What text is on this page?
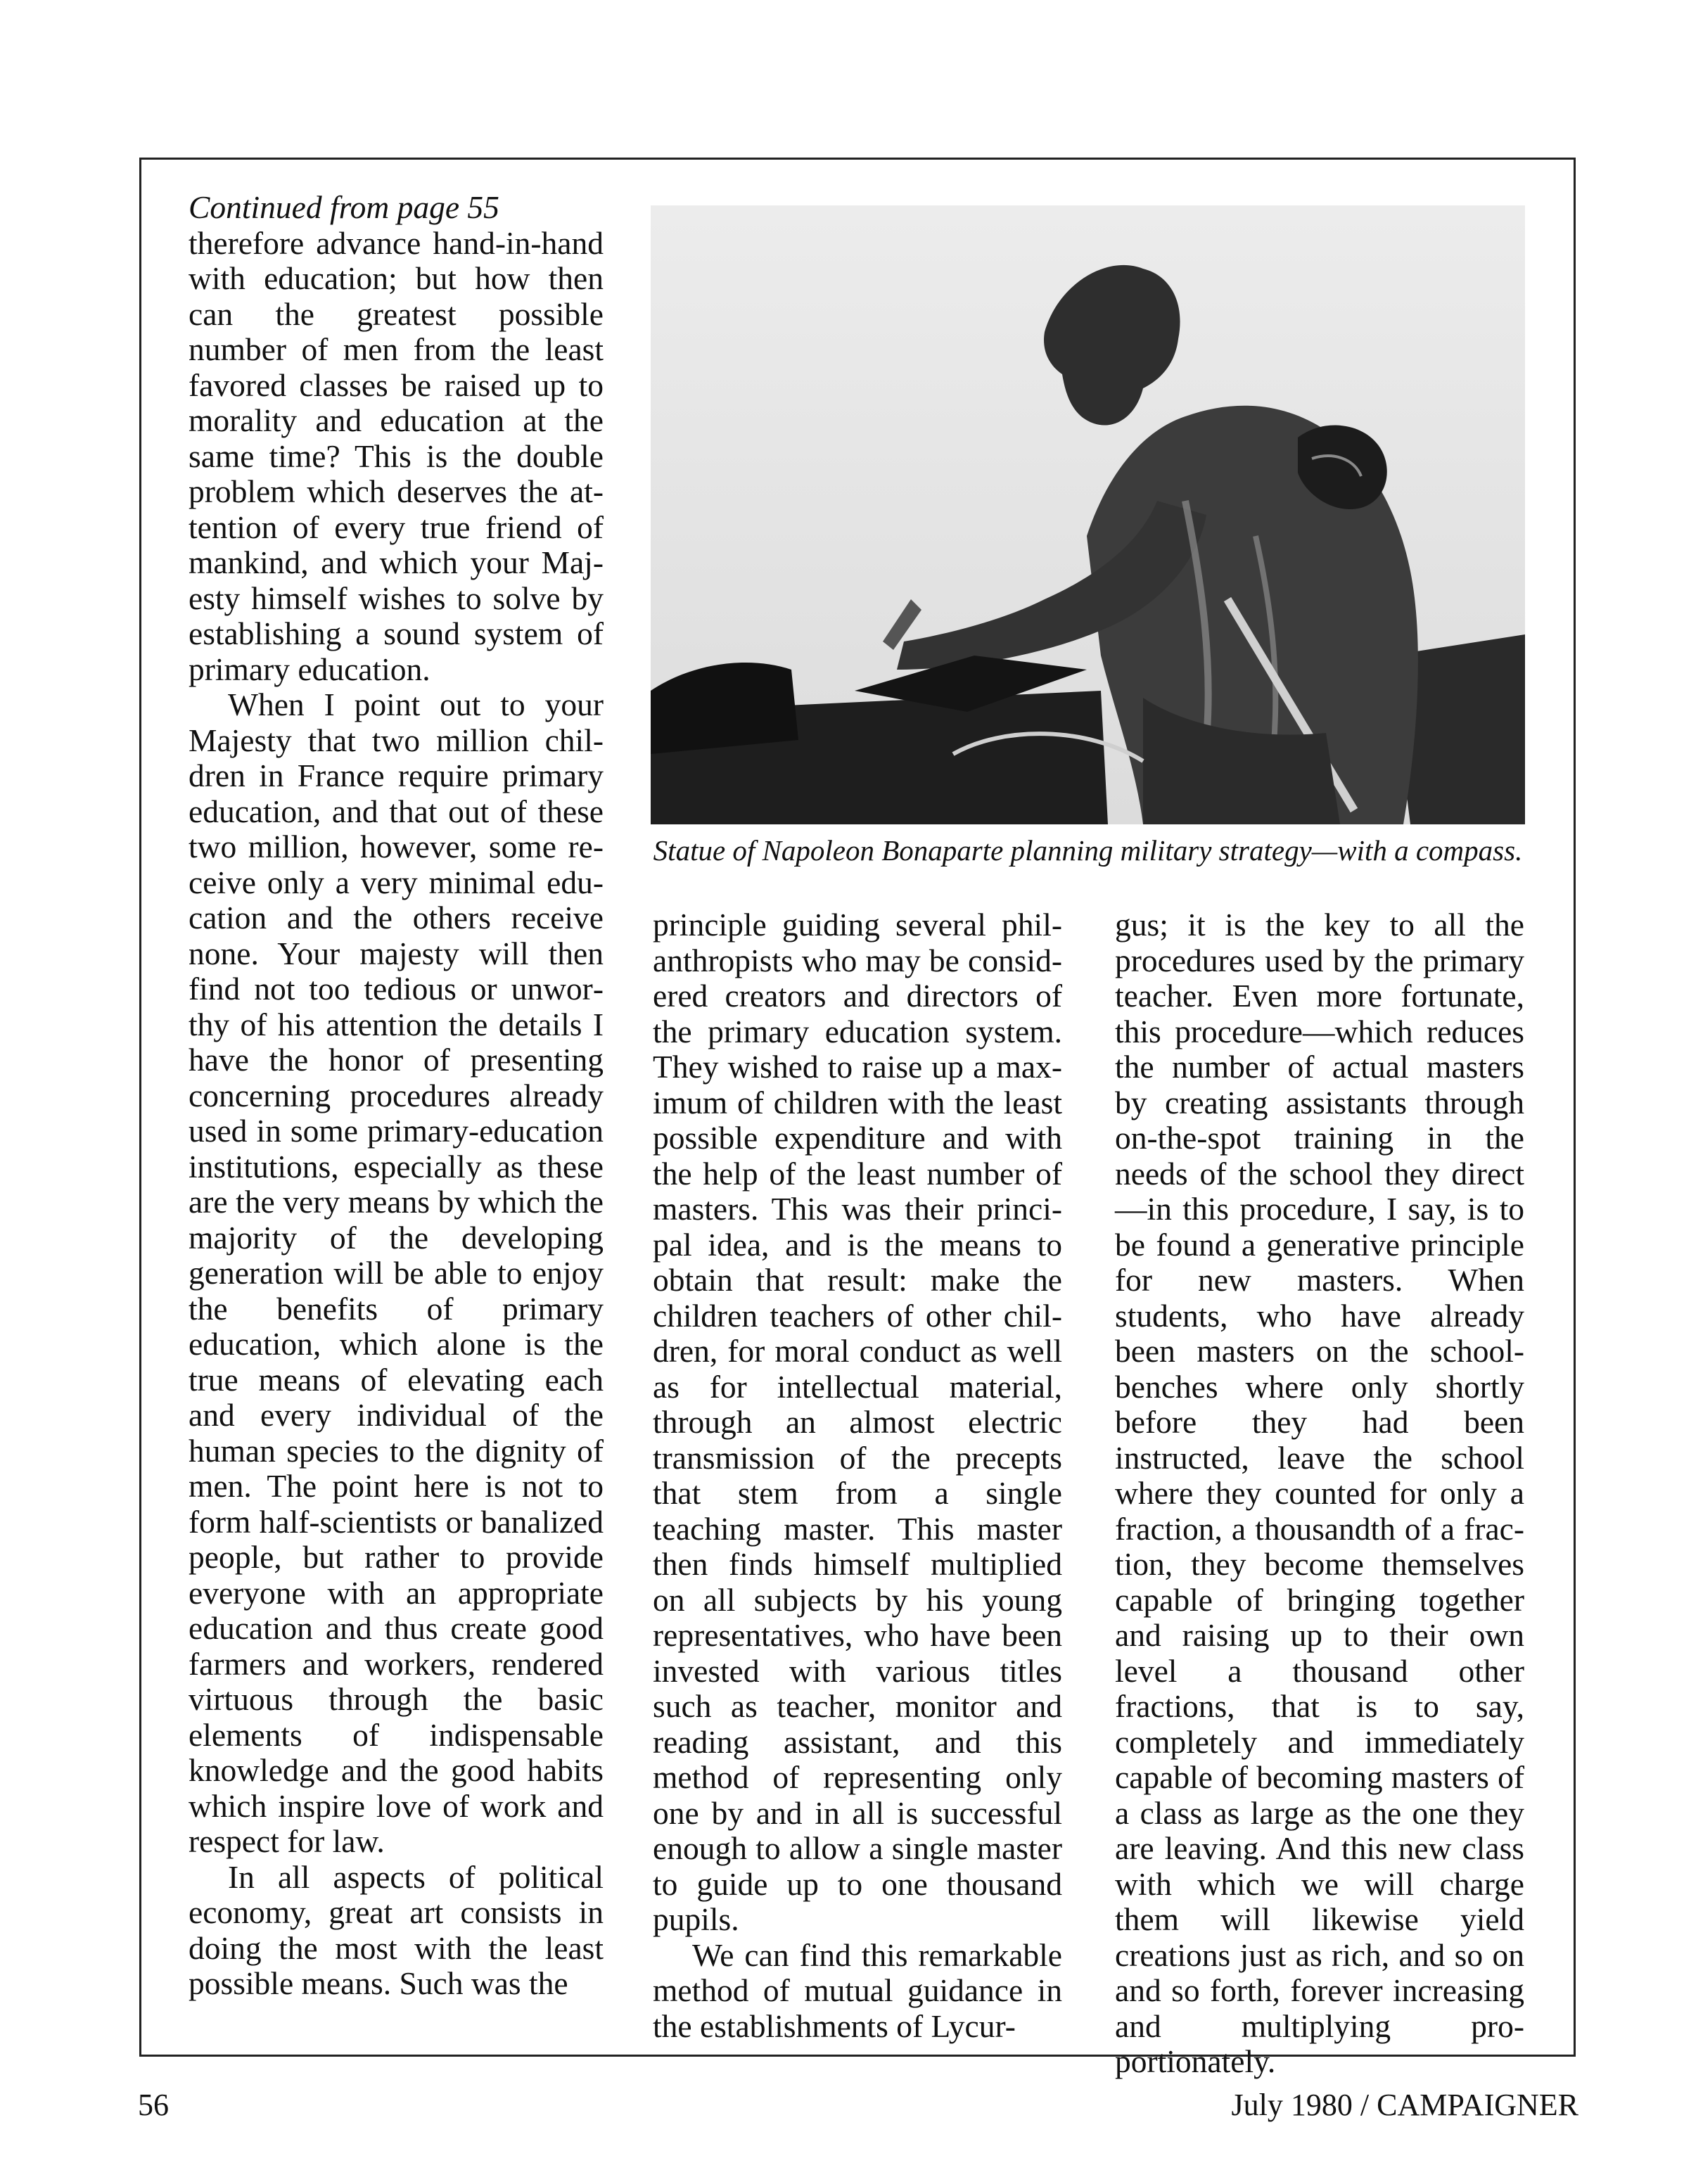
Continued from page 55

therefore advance hand-in-hand with education; but how then can the greatest possible number of men from the least favored classes be raised up to morality and education at the same time? This is the double problem which deserves the attention of every true friend of mankind, and which your Majesty himself wishes to solve by establishing a sound system of primary education.

When I point out to your Majesty that two million children in France require primary education, and that out of these two million, however, some receive only a very minimal education and the others receive none. Your majesty will then find not too tedious or unworthy of his attention the details I have the honor of presenting concerning procedures already used in some primary-education institutions, especially as these are the very means by which the majority of the developing generation will be able to enjoy the benefits of primary education, which alone is the true means of elevating each and every individual of the human species to the dignity of men. The point here is not to form half-scientists or banalized people, but rather to provide everyone with an appropriate education and thus create good farmers and workers, rendered virtuous through the basic elements of indispensable knowledge and the good habits which inspire love of work and respect for law.

In all aspects of political economy, great art consists in doing the most with the least possible means. Such was the

Statue of Napoleon Bonaparte planning military strategy—with a compass.

principle guiding several philanthropists who may be considered creators and directors of the primary education system. They wished to raise up a maximum of children with the least possible expenditure and with the help of the least number of masters. This was their principal idea, and is the means to obtain that result: make the children teachers of other children, for moral conduct as well as for intellectual material, through an almost electric transmission of the precepts that stem from a single teaching master. This master then finds himself multiplied on all subjects by his young representatives, who have been invested with various titles such as teacher, monitor and reading assistant, and this method of representing only one by and in all is successful enough to allow a single master to guide up to one thousand pupils.

We can find this remarkable method of mutual guidance in the establishments of Lycur-

gus; it is the key to all the procedures used by the primary teacher. Even more fortunate, this procedure—which reduces the number of actual masters by creating assistants through on-the-spot training in the needs of the school they direct—in this procedure, I say, is to be found a generative principle for new masters. When students, who have already been masters on the school-benches where only shortly before they had been instructed, leave the school where they counted for only a fraction, a thousandth of a fraction, they become themselves capable of bringing together and raising up to their own level a thousand other fractions, that is to say, completely and immediately capable of becoming masters of a class as large as the one they are leaving. And this new class with which we will charge them will likewise yield creations just as rich, and so on and so forth, forever increasing and multiplying proportionately.

56	July 1980 / CAMPAIGNER
